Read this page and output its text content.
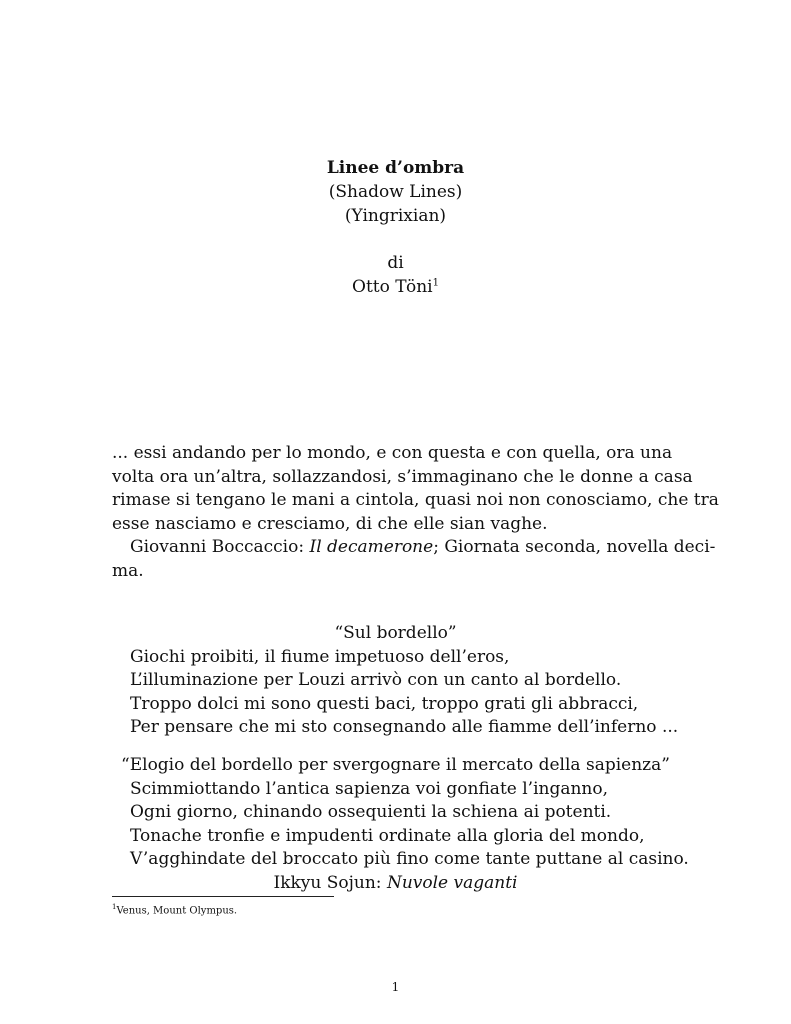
Linee d’ombra
(Shadow Lines)
(Yingrixian)
di
Otto Töni$^1$
... essi andando per lo mondo, e con questa e con quella, ora una
volta ora un’altra, sollazzandosi, s’immaginano che le donne a casa
rimase si tengano le mani a cintola, quasi noi non conosciamo, che tra
esse nasciamo e cresciamo, di che elle sian vaghe.
Giovanni Boccaccio: Il decamerone; Giornata seconda, novella deci-
ma.
“Sul bordello”
Giochi proibiti, il fiume impetuoso dell’eros,
L’illuminazione per Louzi arrivò con un canto al bordello.
Troppo dolci mi sono questi baci, troppo grati gli abbracci,
Per pensare che mi sto consegnando alle fiamme dell’inferno ...
“Elogio del bordello per svergognare il mercato della sapienza”
Scimmiottando l’antica sapienza voi gonfiate l’inganno,
Ogni giorno, chinando ossequienti la schiena ai potenti.
Tonache tronfie e impudenti ordinate alla gloria del mondo,
V’agghindate del broccato più fino come tante puttane al casino.
Ikkyu Sojun: Nuvole vaganti
$^1$Venus, Mount Olympus.
1
